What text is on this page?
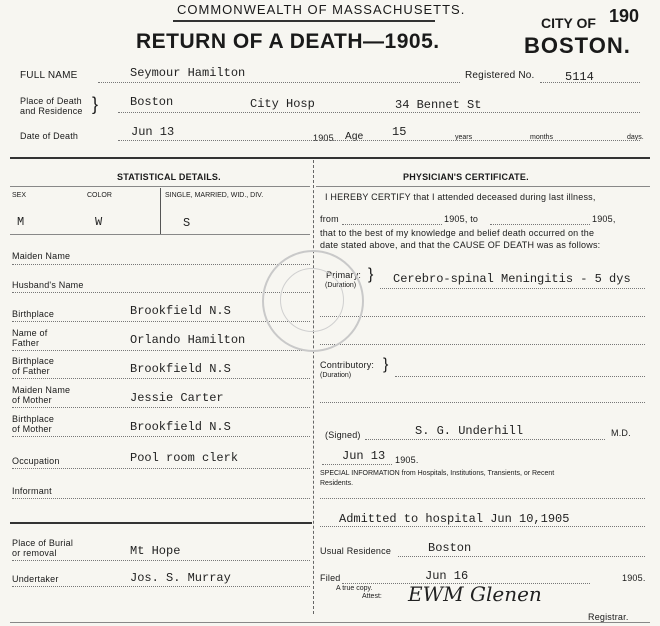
COMMONWEALTH OF MASSACHUSETTS.
RETURN OF A DEATH—1905.
CITY OF 190
BOSTON.
FULL NAME	Seymour Hamilton	Registered No.	5114
Place of Death
and Residence }	Boston	City Hosp	34 Bennet St
Date of Death	Jun 13	1905. Age 15	years	months	days.
STATISTICAL DETAILS.
SEX	COLOR	SINGLE, MARRIED, WID., DIV.
M	W	S
Maiden Name
Husband's Name
Birthplace	Brookfield N.S
Name of
Father	Orlando Hamilton
Birthplace
of Father	Brookfield N.S
Maiden Name
of Mother	Jessie Carter
Birthplace
of Mother	Brookfield N.S
Occupation	Pool room clerk
Informant
Place of Burial
or removal	Mt Hope
Undertaker	Jos. S. Murray
PHYSICIAN'S CERTIFICATE.
I HEREBY CERTIFY that I attended deceased during last illness,
from	1905, to	1905,
that to the best of my knowledge and belief death occurred on the
date stated above, and that the CAUSE OF DEATH was as follows:
Primary:
(Duration)
} Cerebro-spinal Meningitis - 5 dys
Contributory:
(Duration)
}
(Signed)	S. G. Underhill	M.D.
Jun 13 1905.
SPECIAL INFORMATION from Hospitals, Institutions, Transients, or Recent
Residents.
Admitted to hospital Jun 10,1905
Usual Residence	Boston
Filed	Jun 16	1905.
A true copy.
Attest: EWM Glenen
Registrar.
